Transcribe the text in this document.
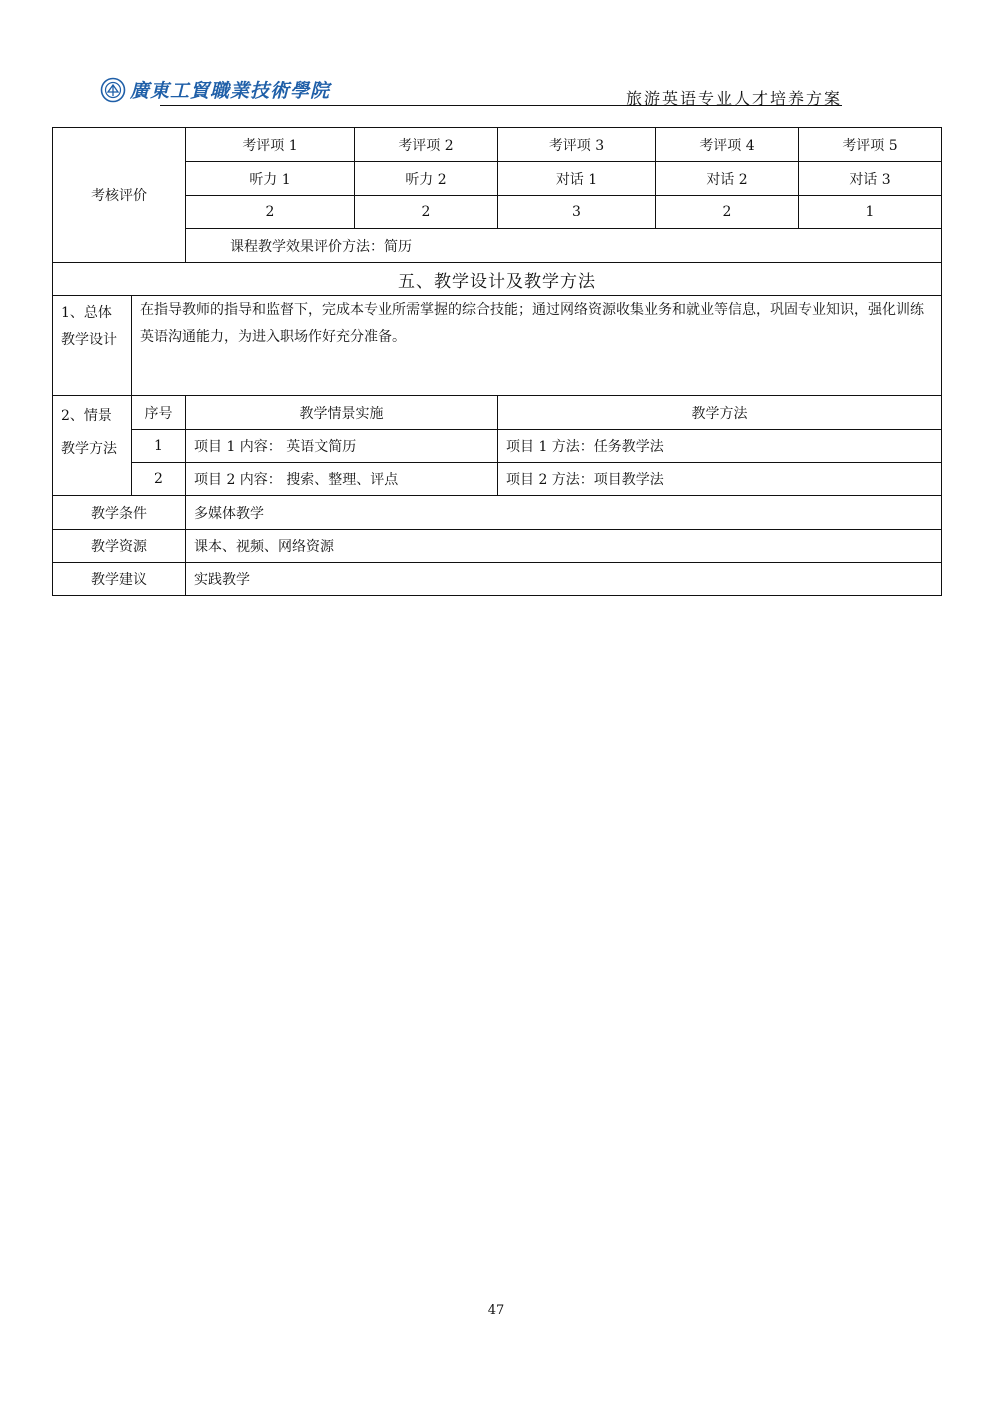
廣東工貿職業技術學院	旅游英语专业人才培养方案
考核评价		考评项 1	考评项 2	考评项 3	考评项 4	考评项 5
		听力 1	听力 2	对话 1	对话 2	对话 3
		2	2	3	2	1
		课程教学效果评价方法：简历				
五、教学设计及教学方法						
1、总体教学设计	在指导教师的指导和监督下，完成本专业所需掌握的综合技能；通过网络资源收集业务和就业等信息，巩固专业知识，强化训练英语沟通能力，为进入职场作好充分准备。					
2、情景教学方法	序号	教学情景实施		教学方法		
	1	项目 1 内容： 英语文简历		项目 1 方法：任务教学法		
	2	项目 2 内容： 搜索、整理、评点		项目 2 方法：项目教学法		
教学条件		多媒体教学				
教学资源		课本、视频、网络资源				
教学建议		实践教学				
47
